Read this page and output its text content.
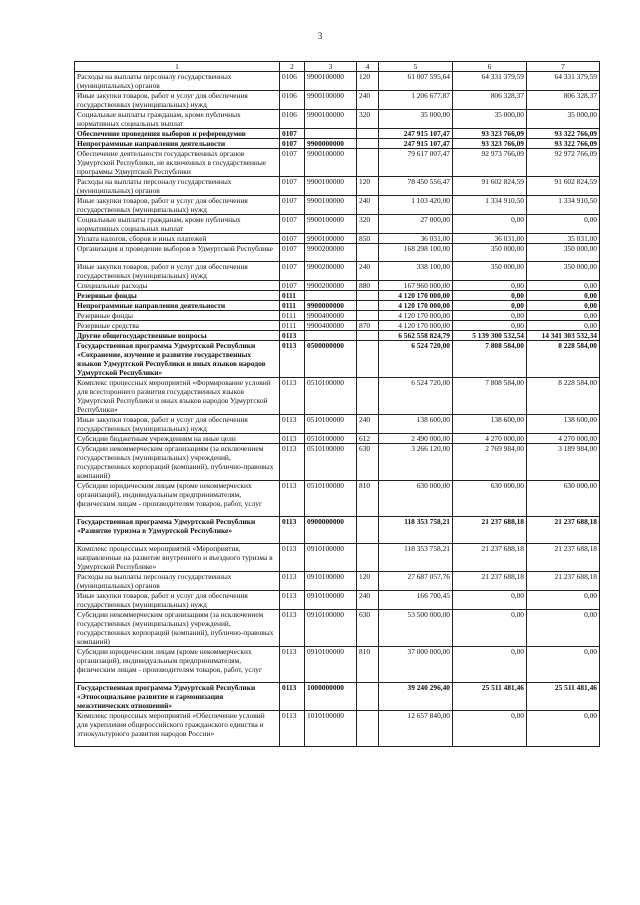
3
1	2	3	4	5	6	7
Расходы на выплаты персоналу государственных (муниципальных) органов	0106	9900100000	120	61 007 595,64	64 331 379,59	64 331 379,59
Иные закупки товаров, работ и услуг для обеспечения государственных (муниципальных) нужд	0106	9900100000	240	1 206 677,87	806 328,37	806 328,37
Социальные выплаты гражданам, кроме публичных нормативных социальных выплат	0106	9900100000	320	35 000,00	35 000,00	35 000,00
Обеспечение проведения выборов и референдумов	0107			247 915 107,47	93 323 766,09	93 322 766,09
Непрограммные направления деятельности	0107	9900000000		247 915 107,47	93 323 766,09	93 322 766,09
Обеспечение деятельности государственных органов Удмуртской Республики, не включенных в государственные программы Удмуртской Республики	0107	9900100000		79 617 007,47	92 973 766,09	92 972 766,09
Расходы на выплаты персоналу государственных (муниципальных) органов	0107	9900100000	120	78 450 556,47	91 602 824,59	91 602 824,59
Иные закупки товаров, работ и услуг для обеспечения государственных (муниципальных) нужд	0107	9900100000	240	1 103 420,00	1 334 910,50	1 334 910,50
Социальные выплаты гражданам, кроме публичных нормативных социальных выплат	0107	9900100000	320	27 000,00	0,00	0,00
Уплата налогов, сборов и иных платежей	0107	9900100000	850	36 031,00	36 031,00	35 031,00
Организация и проведение выборов в Удмуртской Республике	0107	9900200000		168 298 100,00	350 000,00	350 000,00
Иные закупки товаров, работ и услуг для обеспечения государственных (муниципальных) нужд	0107	9900200000	240	338 100,00	350 000,00	350 000,00
Специальные расходы	0107	9900200000	880	167 960 000,00	0,00	0,00
Резервные фонды	0111			4 120 170 000,00	0,00	0,00
Непрограммные направления деятельности	0111	9900000000		4 120 170 000,00	0,00	0,00
Резервные фонды	0111	9900400000		4 120 170 000,00	0,00	0,00
Резервные средства	0111	9900400000	870	4 120 170 000,00	0,00	0,00
Другие общегосударственные вопросы	0113			6 562 558 824,79	5 139 300 532,54	14 341 303 532,34
Государственная программа Удмуртской Республики «Сохранение, изучение и развитие государственных языков Удмуртской Республики и иных языков народов Удмуртской Республики»	0113	0500000000		6 524 720,00	7 808 584,00	8 228 584,00
Комплекс процессных мероприятий «Формирование условий для всестороннего развития государственных языков Удмуртской Республики и иных языков народов Удмуртской Республики»	0113	0510100000		6 524 720,00	7 808 584,00	8 228 584,00
Иные закупки товаров, работ и услуг для обеспечения государственных (муниципальных) нужд	0113	0510100000	240	138 600,00	138 600,00	138 600,00
Субсидии бюджетным учреждениям на иные цели	0113	0510100000	612	2 490 000,00	4 270 000,00	4 270 000,00
Субсидии некоммерческим организациям (за исключением государственных (муниципальных) учреждений, государственных корпораций (компаний), публично-правовых компаний)	0113	0510100000	630	3 266 120,00	2 769 984,00	3 189 984,00
Субсидии юридическим лицам (кроме некоммерческих организаций), индивидуальным предпринимателям, физическим лицам - производителям товаров, работ, услуг	0113	0510100000	810	630 000,00	630 000,00	630 000,00
Государственная программа Удмуртской Республики «Развитие туризма в Удмуртской Республике»	0113	0900000000		118 353 758,21	21 237 688,18	21 237 688,18
Комплекс процессных мероприятий «Мероприятия, направленные на развитие внутреннего и въездного туризма в Удмуртской Республике»	0113	0910100000		118 353 758,21	21 237 688,18	21 237 688,18
Расходы на выплаты персоналу государственных (муниципальных) органов	0113	0910100000	120	27 687 057,76	21 237 688,18	21 237 688,18
Иные закупки товаров, работ и услуг для обеспечения государственных (муниципальных) нужд	0113	0910100000	240	166 700,45	0,00	0,00
Субсидии некоммерческим организациям (за исключением государственных (муниципальных) учреждений, государственных корпораций (компаний), публично-правовых компаний)	0113	0910100000	630	53 500 000,00	0,00	0,00
Субсидии юридическим лицам (кроме некоммерческих организаций), индивидуальным предпринимателям, физическим лицам - производителям товаров, работ, услуг	0113	0910100000	810	37 000 000,00	0,00	0,00
Государственная программа Удмуртской Республики «Этносоциальное развитие и гармонизация межэтнических отношений»	0113	1000000000		39 240 296,40	25 511 481,46	25 511 481,46
Комплекс процессных мероприятий «Обеспечение условий для укрепления общероссийского гражданского единства и этнокультурного развития народов России»	0113	1010100000		12 657 840,00	0,00	0,00
